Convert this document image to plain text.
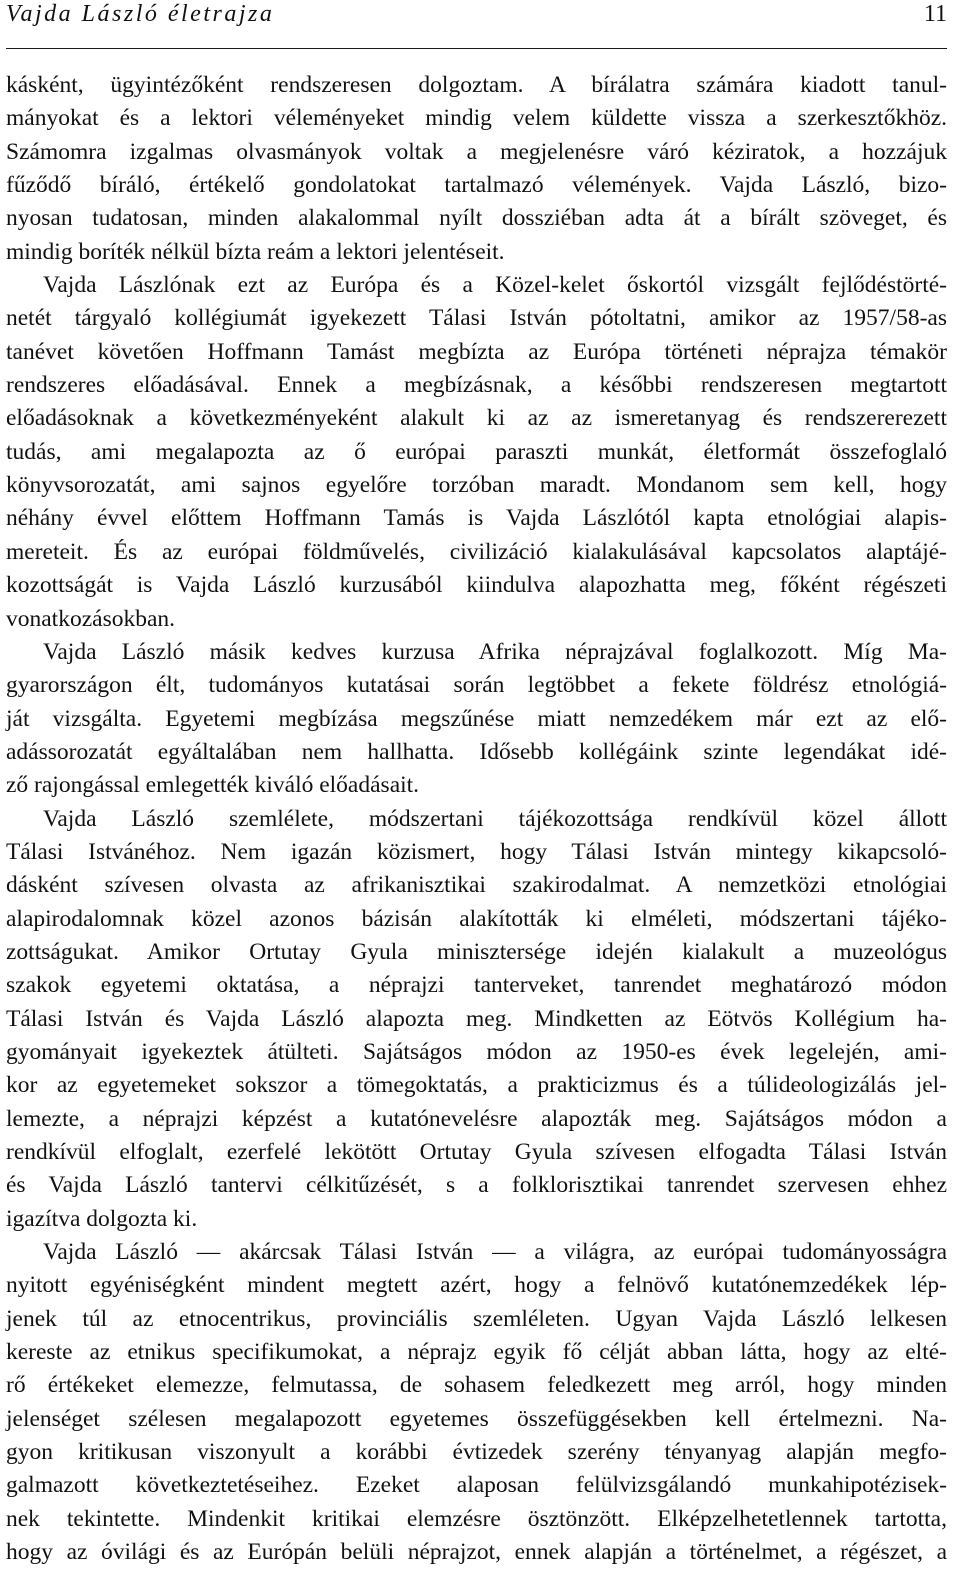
Vajda László életrajza	11
kásként, ügyintézőként rendszeresen dolgoztam. A bírálatra számára kiadott tanul-
mányokat és a lektori véleményeket mindig velem küldette vissza a szerkesztőkhöz.
Számomra izgalmas olvasmányok voltak a megjelenésre váró kéziratok, a hozzájuk
fűződő bíráló, értékelő gondolatokat tartalmazó vélemények. Vajda László, bizo-
nyosan tudatosan, minden alakalommal nyílt dossziéban adta át a bírált szöveget, és
mindig boríték nélkül bízta reám a lektori jelentéseit.
Vajda Lászlónak ezt az Európa és a Közel-kelet őskortól vizsgált fejlődéstörté-
netét tárgyaló kollégiumát igyekezett Tálasi István pótoltatni, amikor az 1957/58-as
tanévet követően Hoffmann Tamást megbízta az Európa történeti néprajza témakör
rendszeres előadásával. Ennek a megbízásnak, a későbbi rendszeresen megtartott
előadásoknak a következményeként alakult ki az az ismeretanyag és rendszererezett
tudás, ami megalapozta az ő európai paraszti munkát, életformát összefoglaló
könyvsorozatát, ami sajnos egyelőre torzóban maradt. Mondanom sem kell, hogy
néhány évvel előttem Hoffmann Tamás is Vajda Lászlótól kapta etnológiai alapis-
mereteit. És az európai földművelés, civilizáció kialakulásával kapcsolatos alaptájé-
kozottságát is Vajda László kurzusából kiindulva alapozhatta meg, főként régészeti
vonatkozásokban.
Vajda László másik kedves kurzusa Afrika néprajzával foglalkozott. Míg Ma-
gyarországon élt, tudományos kutatásai során legtöbbet a fekete földrész etnológiá-
ját vizsgálta. Egyetemi megbízása megszűnése miatt nemzedékem már ezt az elő-
adássorozatát egyáltalában nem hallhatta. Idősebb kollégáink szinte legendákat idé-
ző rajongással emlegették kiváló előadásait.
Vajda László szemlélete, módszertani tájékozottsága rendkívül közel állott
Tálasi Istvánéhoz. Nem igazán közismert, hogy Tálasi István mintegy kikapcsoló-
dásként szívesen olvasta az afrikanisztikai szakirodalmat. A nemzetközi etnológiai
alapirodalomnak közel azonos bázisán alakították ki elméleti, módszertani tájéko-
zottságukat. Amikor Ortutay Gyula minisztersége idején kialakult a muzeológus
szakok egyetemi oktatása, a néprajzi tanterveket, tanrendet meghatározó módon
Tálasi István és Vajda László alapozta meg. Mindketten az Eötvös Kollégium ha-
gyományait igyekeztek átülteti. Sajátságos módon az 1950-es évek legelején, ami-
kor az egyetemeket sokszor a tömegoktatás, a prakticizmus és a túlideologizálás jel-
lemezte, a néprajzi képzést a kutatónevelésre alapozták meg. Sajátságos módon a
rendkívül elfoglalt, ezerfelé lekötött Ortutay Gyula szívesen elfogadta Tálasi István
és Vajda László tantervi célkitűzését, s a folklorisztikai tanrendet szervesen ehhez
igazítva dolgozta ki.
Vajda László — akárcsak Tálasi István — a világra, az európai tudományosságra
nyitott egyéniségként mindent megtett azért, hogy a felnövő kutatónemzedékek lép-
jenek túl az etnocentrikus, provinciális szemléleten. Ugyan Vajda László lelkesen
kereste az etnikus specifikumokat, a néprajz egyik fő célját abban látta, hogy az elté-
rő értékeket elemezze, felmutassa, de sohasem feledkezett meg arról, hogy minden
jelenséget szélesen megalapozott egyetemes összefüggésekben kell értelmezni. Na-
gyon kritikusan viszonyult a korábbi évtizedek szerény tényanyag alapján megfo-
galmazott következtetéseihez. Ezeket alaposan felülvizsgálandó munkahipotézisek-
nek tekintette. Mindenkit kritikai elemzésre ösztönzött. Elképzelhetetlennek tartotta,
hogy az óvilági és az Európán belüli néprajzot, ennek alapján a történelmet, a régészet, a
